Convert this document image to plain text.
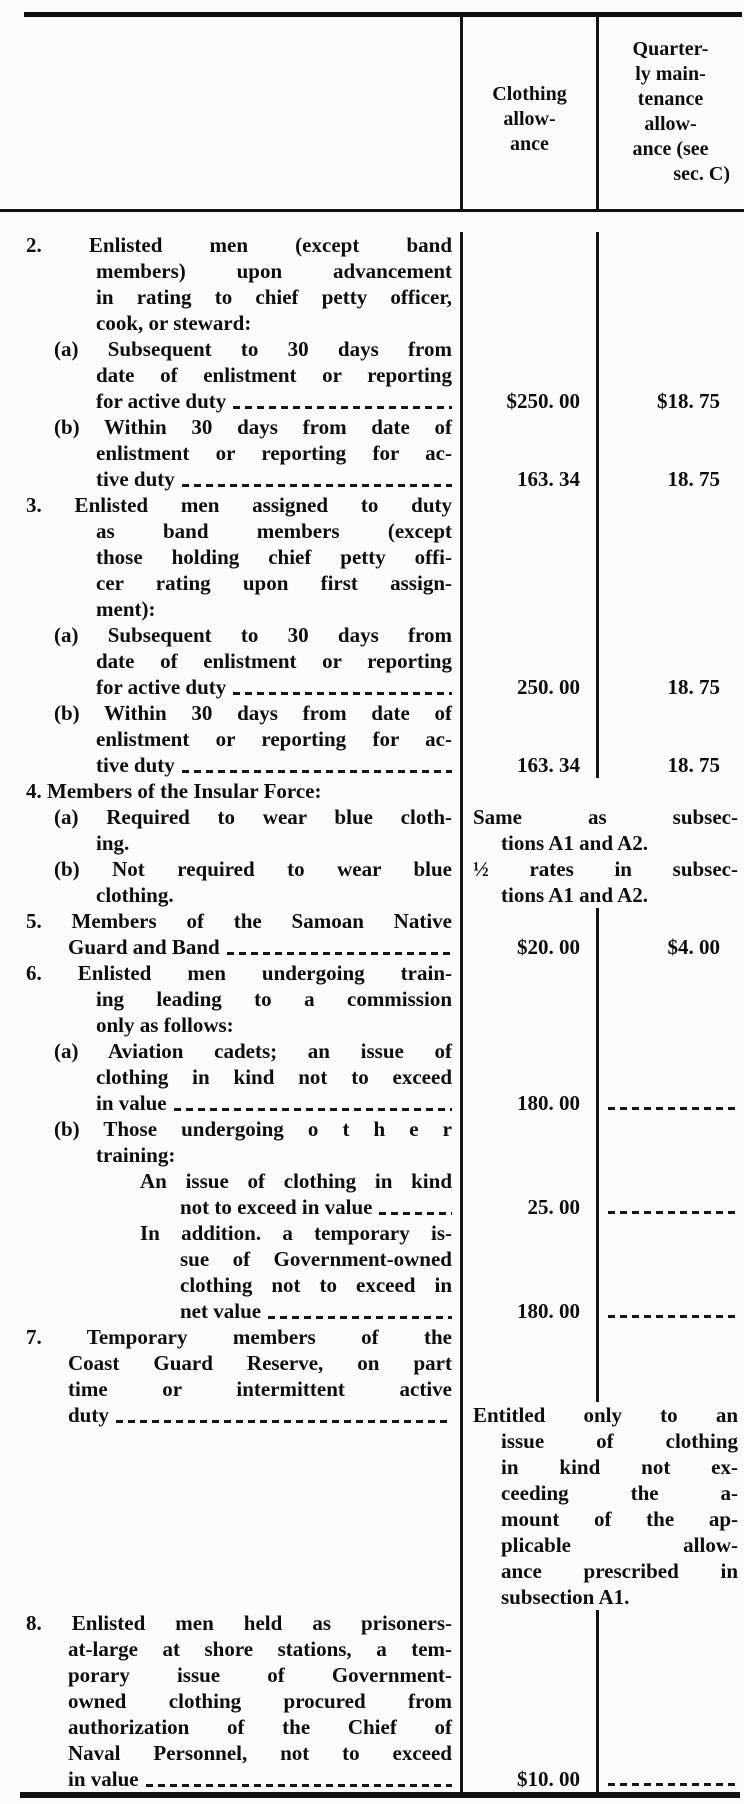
Clothing
allow-
ance
Quarter-
ly main-
tenance
allow-
ance (see
sec. C)
2. Enlisted men (except band
members) upon advancement
in rating to chief petty officer,
cook, or steward:
(a) Subsequent to 30 days from
date of enlistment or reporting
for active duty	$250. 00	$18. 75
(b) Within 30 days from date of
enlistment or reporting for ac-
tive duty	163. 34	18. 75
3. Enlisted men assigned to duty
as band members (except
those holding chief petty offi-
cer rating upon first assign-
ment):
(a) Subsequent to 30 days from
date of enlistment or reporting
for active duty	250. 00	18. 75
(b) Within 30 days from date of
enlistment or reporting for ac-
tive duty	163. 34	18. 75
4. Members of the Insular Force:
(a) Required to wear blue cloth-
ing.
Same as subsec-
tions A1 and A2.
(b) Not required to wear blue
clothing.
½ rates in subsec-
tions A1 and A2.
5. Members of the Samoan Native
Guard and Band	$20. 00	$4. 00
6. Enlisted men undergoing train-
ing leading to a commission
only as follows:
(a) Aviation cadets; an issue of
clothing in kind not to exceed
in value	180. 00
(b) Those undergoing o t h e r
training:
An issue of clothing in kind
not to exceed in value	25. 00
In addition. a temporary is-
sue of Government-owned
clothing not to exceed in
net value	180. 00
7. Temporary members of the
Coast Guard Reserve, on part
time or intermittent active
duty	Entitled only to an
issue of clothing
in kind not ex-
ceeding the a-
mount of the ap-
plicable allow-
ance prescribed in
subsection A1.
8. Enlisted men held as prisoners-
at-large at shore stations, a tem-
porary issue of Government-
owned clothing procured from
authorization of the Chief of
Naval Personnel, not to exceed
in value	$10. 00
